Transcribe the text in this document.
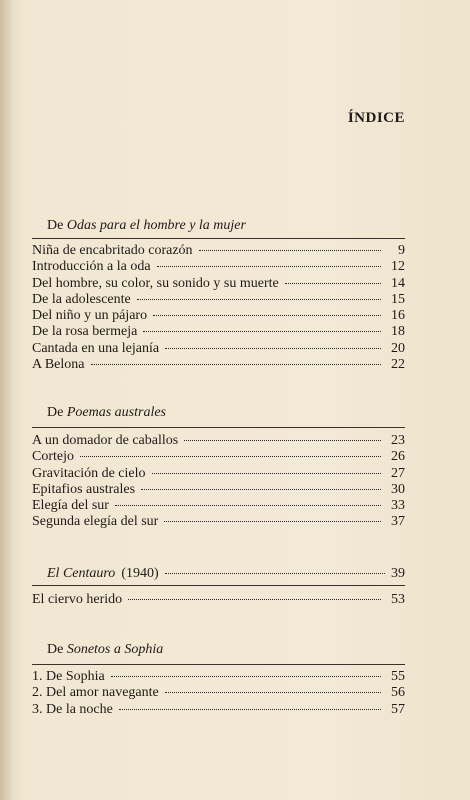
ÍNDICE
De Odas para el hombre y la mujer
Niña de encabritado corazón	9
Introducción a la oda	12
Del hombre, su color, su sonido y su muerte	14
De la adolescente	15
Del niño y un pájaro	16
De la rosa bermeja	18
Cantada en una lejanía	20
A Belona	22
De Poemas australes
A un domador de caballos	23
Cortejo	26
Gravitación de cielo	27
Epitafios australes	30
Elegía del sur	33
Segunda elegía del sur	37
El Centauro (1940)	39
El ciervo herido	53
De Sonetos a Sophia
1. De Sophia	55
2. Del amor navegante	56
3. De la noche	57
